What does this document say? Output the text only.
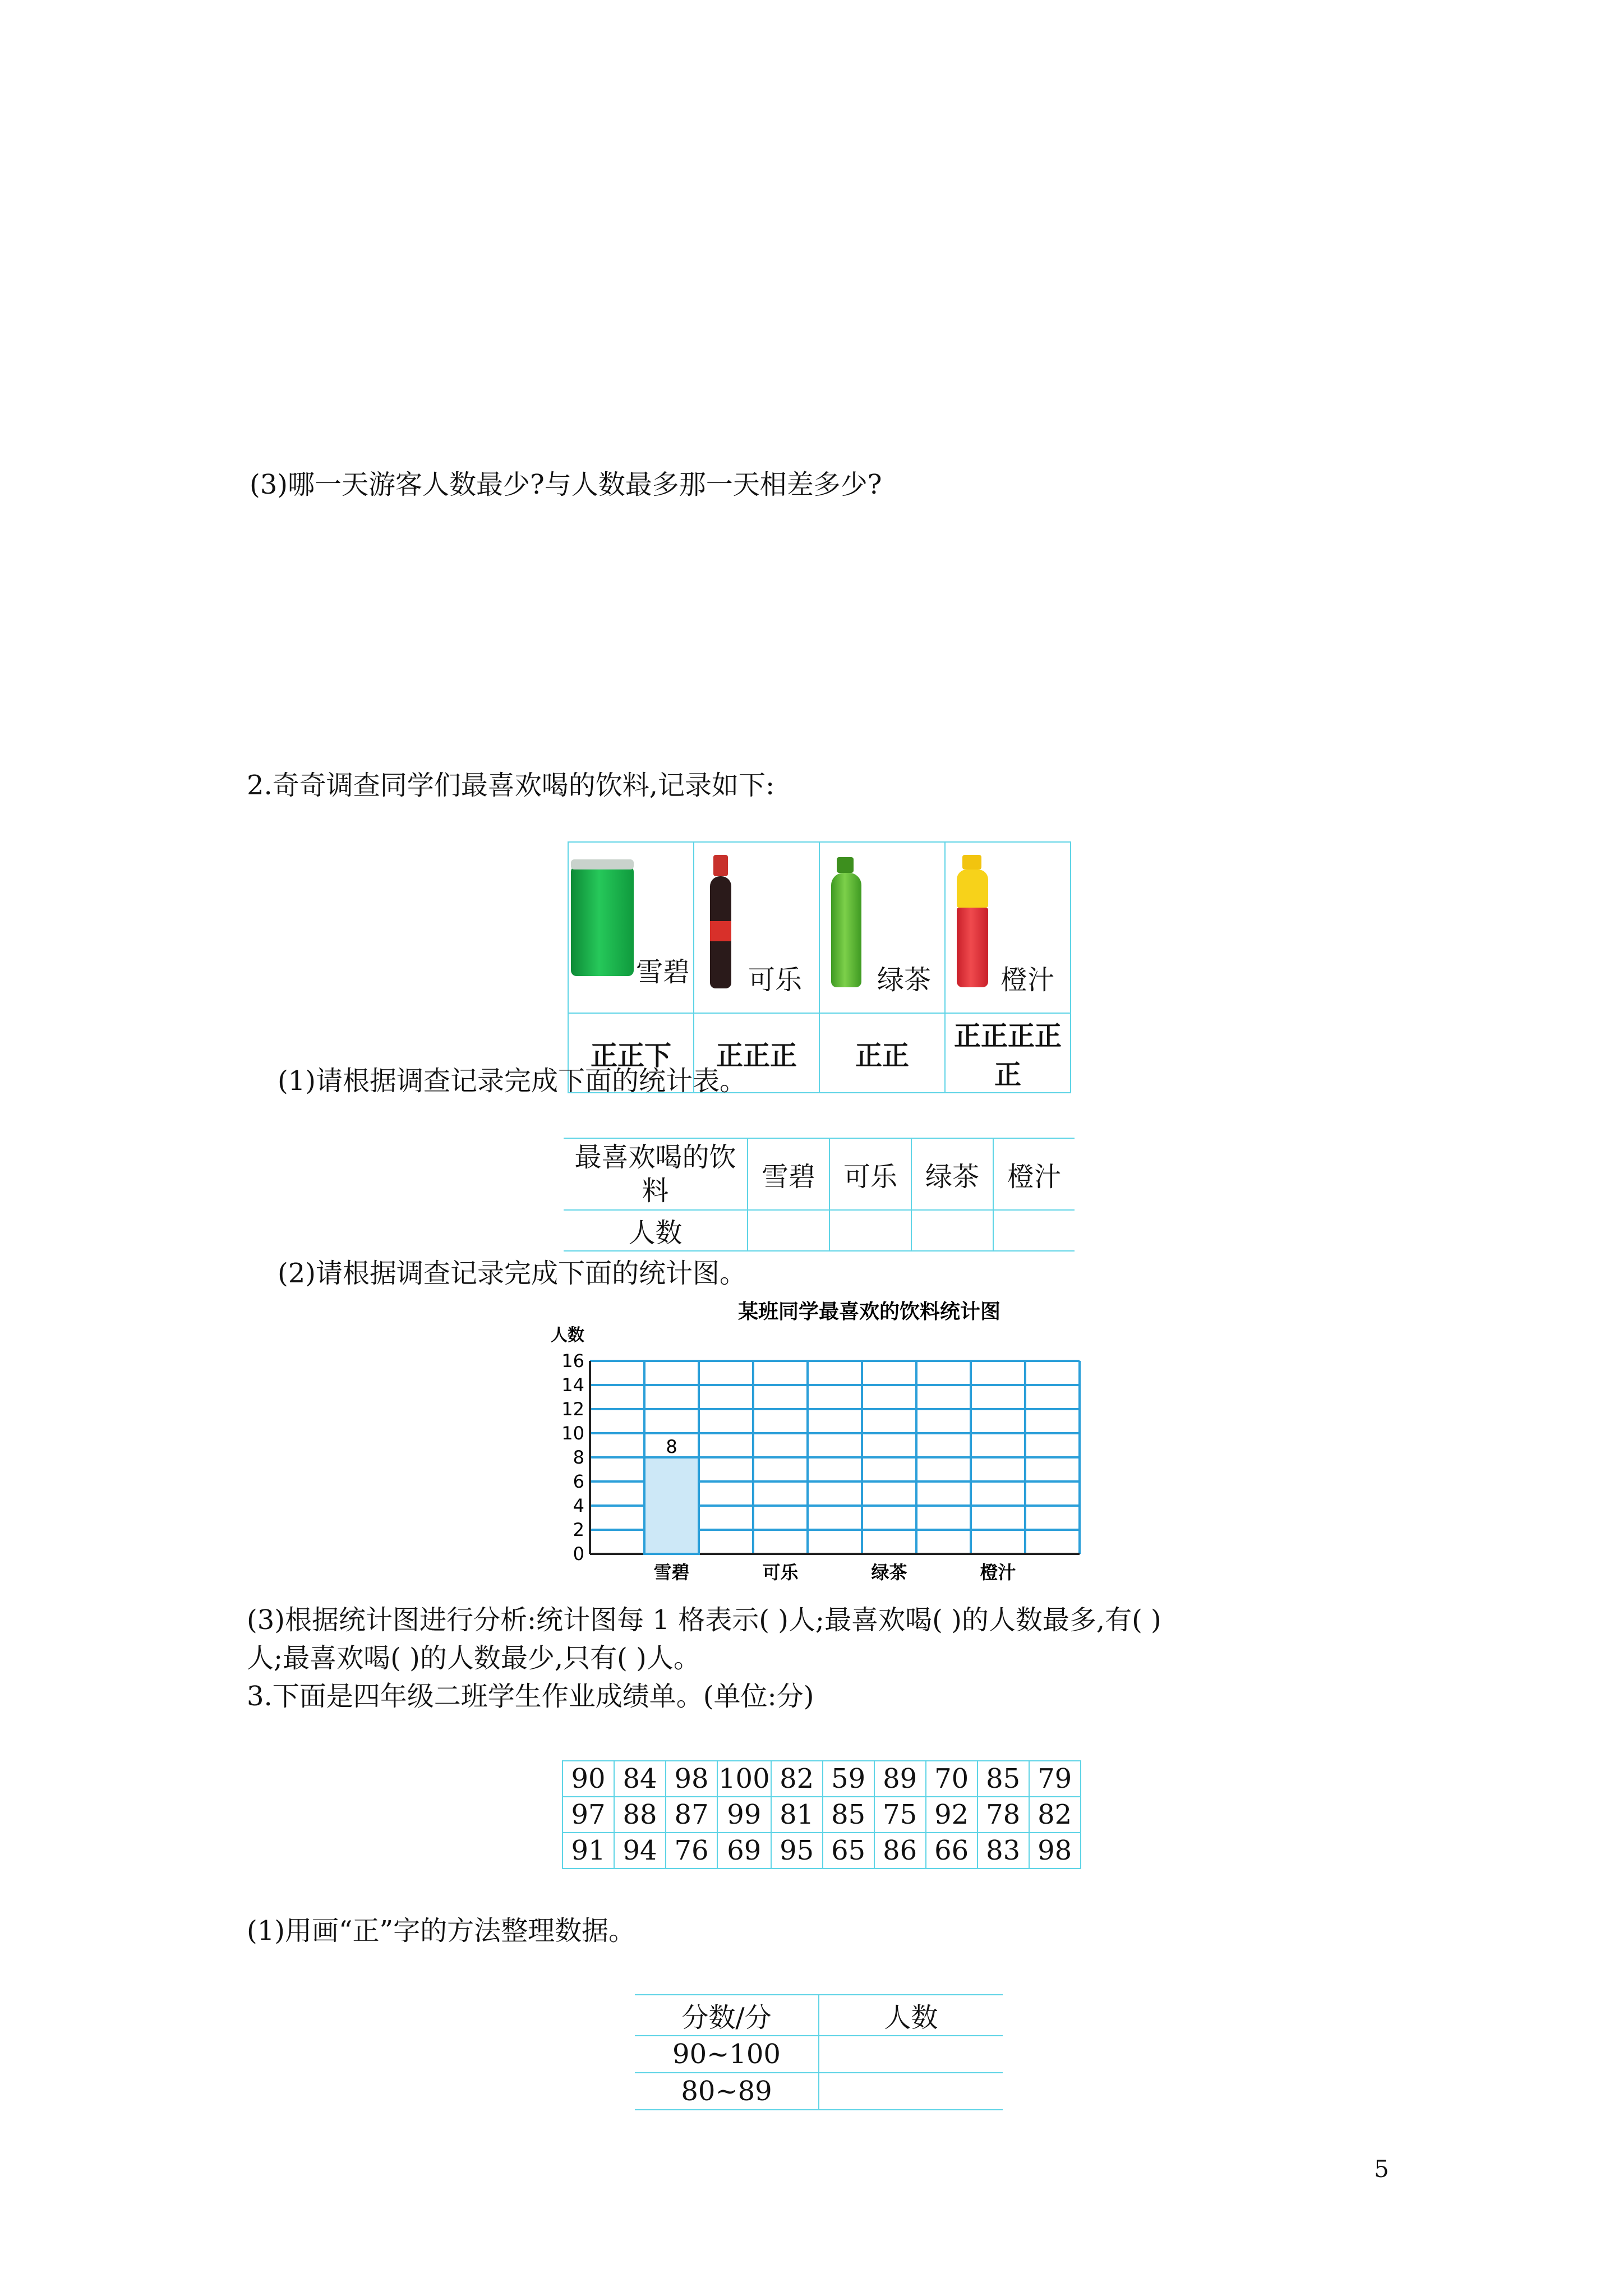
(3)哪一天游客人数最少?与人数最多那一天相差多少?
2.奇奇调查同学们最喜欢喝的饮料,记录如下:
雪碧	可乐	绿茶	橙汁

正正下	正正正	正正	正正正正正
(1)请根据调查记录完成下面的统计表。
最喜欢喝的饮料	雪碧	可乐	绿茶	橙汁
人数				
(2)请根据调查记录完成下面的统计图。
某班同学最喜欢的饮料统计图
人数
8
0
2
4
6
8
10
12
14
16
雪碧	可乐	绿茶	橙汁
(3)根据统计图进行分析:统计图每 1 格表示( )人;最喜欢喝( )的人数最多,有( )
人;最喜欢喝( )的人数最少,只有( )人。
3.下面是四年级二班学生作业成绩单。(单位:分)
90	84	98	100	82	59	89	70	85	79
97	88	87	99	81	85	75	92	78	82
91	94	76	69	95	65	86	66	83	98
(1)用画“正”字的方法整理数据。
分数/分	人数
90~100	
80~89	
5
